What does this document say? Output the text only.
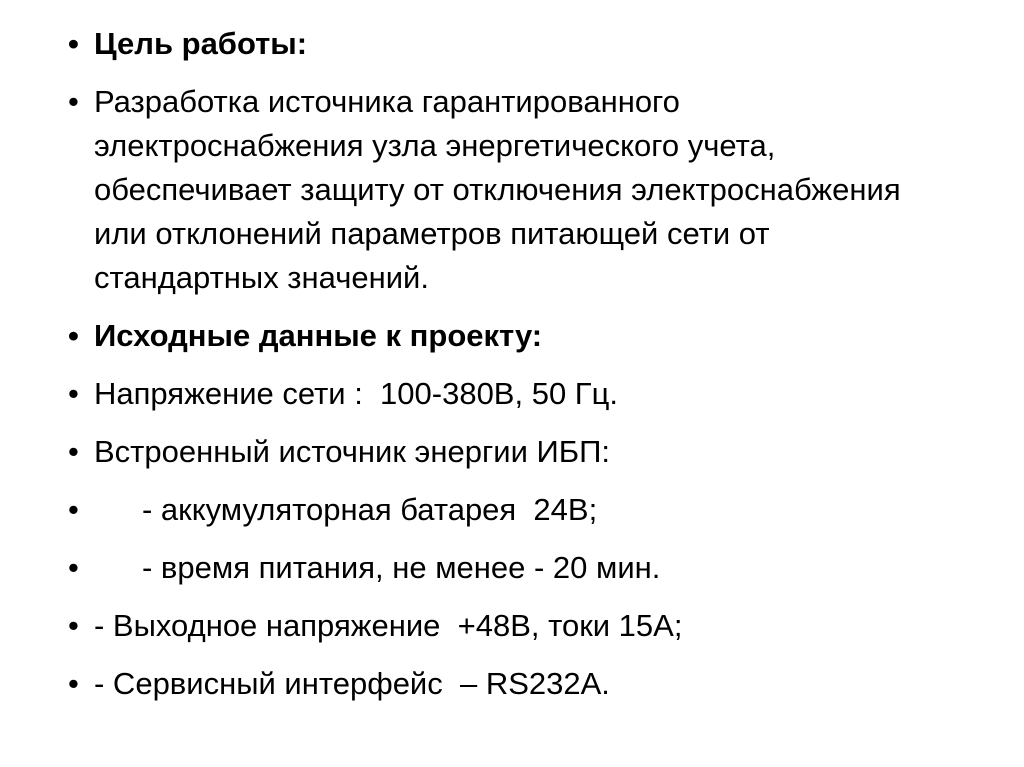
• Цель работы:
• Разработка источника гарантированного электроснабжения узла энергетического учета, обеспечивает защиту от отключения электроснабжения или отклонений параметров питающей сети от стандартных значений.
• Исходные данные к проекту:
• Напряжение сети :  100-380В, 50 Гц.
• Встроенный источник энергии ИБП:
•	- аккумуляторная батарея  24В;
•	- время питания, не менее - 20 мин.
• - Выходное напряжение  +48В, токи 15А;
• - Сервисный интерфейс  – RS232А.
